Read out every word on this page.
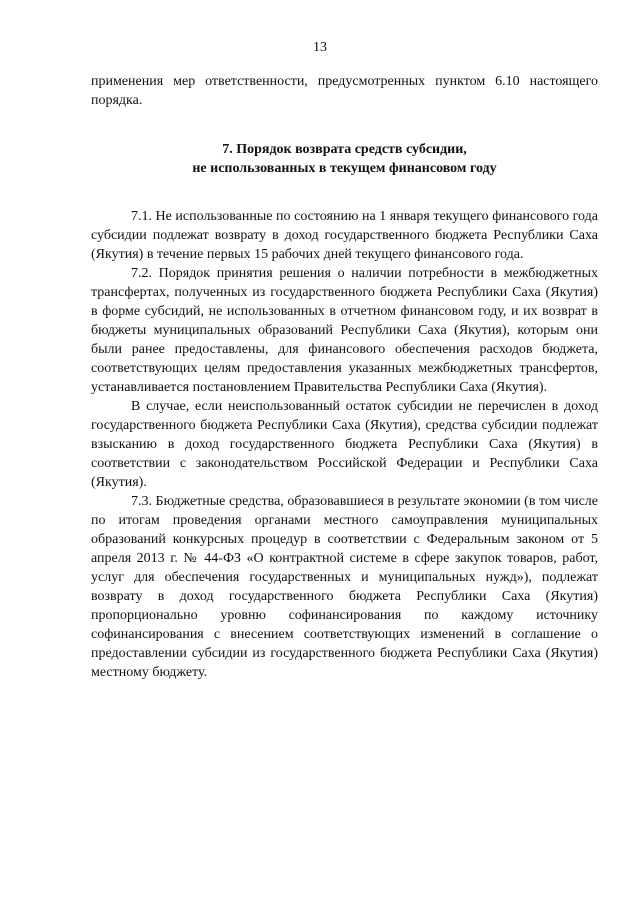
13

применения мер ответственности, предусмотренных пунктом 6.10 настоящего порядка.

7. Порядок возврата средств субсидии,
не использованных в текущем финансовом году

7.1. Не использованные по состоянию на 1 января текущего финансового года субсидии подлежат возврату в доход государственного бюджета Республики Саха (Якутия) в течение первых 15 рабочих дней текущего финансового года.

7.2. Порядок принятия решения о наличии потребности в межбюджетных трансфертах, полученных из государственного бюджета Республики Саха (Якутия) в форме субсидий, не использованных в отчетном финансовом году, и их возврат в бюджеты муниципальных образований Республики Саха (Якутия), которым они были ранее предоставлены, для финансового обеспечения расходов бюджета, соответствующих целям предоставления указанных межбюджетных трансфертов, устанавливается постановлением Правительства Республики Саха (Якутия).

В случае, если неиспользованный остаток субсидии не перечислен в доход государственного бюджета Республики Саха (Якутия), средства субсидии подлежат взысканию в доход государственного бюджета Республики Саха (Якутия) в соответствии с законодательством Российской Федерации и Республики Саха (Якутия).

7.3. Бюджетные средства, образовавшиеся в результате экономии (в том числе по итогам проведения органами местного самоуправления муниципальных образований конкурсных процедур в соответствии с Федеральным законом от 5 апреля 2013 г. № 44-ФЗ «О контрактной системе в сфере закупок товаров, работ, услуг для обеспечения государственных и муниципальных нужд»), подлежат возврату в доход государственного бюджета Республики Саха (Якутия) пропорционально уровню софинансирования по каждому источнику софинансирования с внесением соответствующих изменений в соглашение о предоставлении субсидии из государственного бюджета Республики Саха (Якутия) местному бюджету.
